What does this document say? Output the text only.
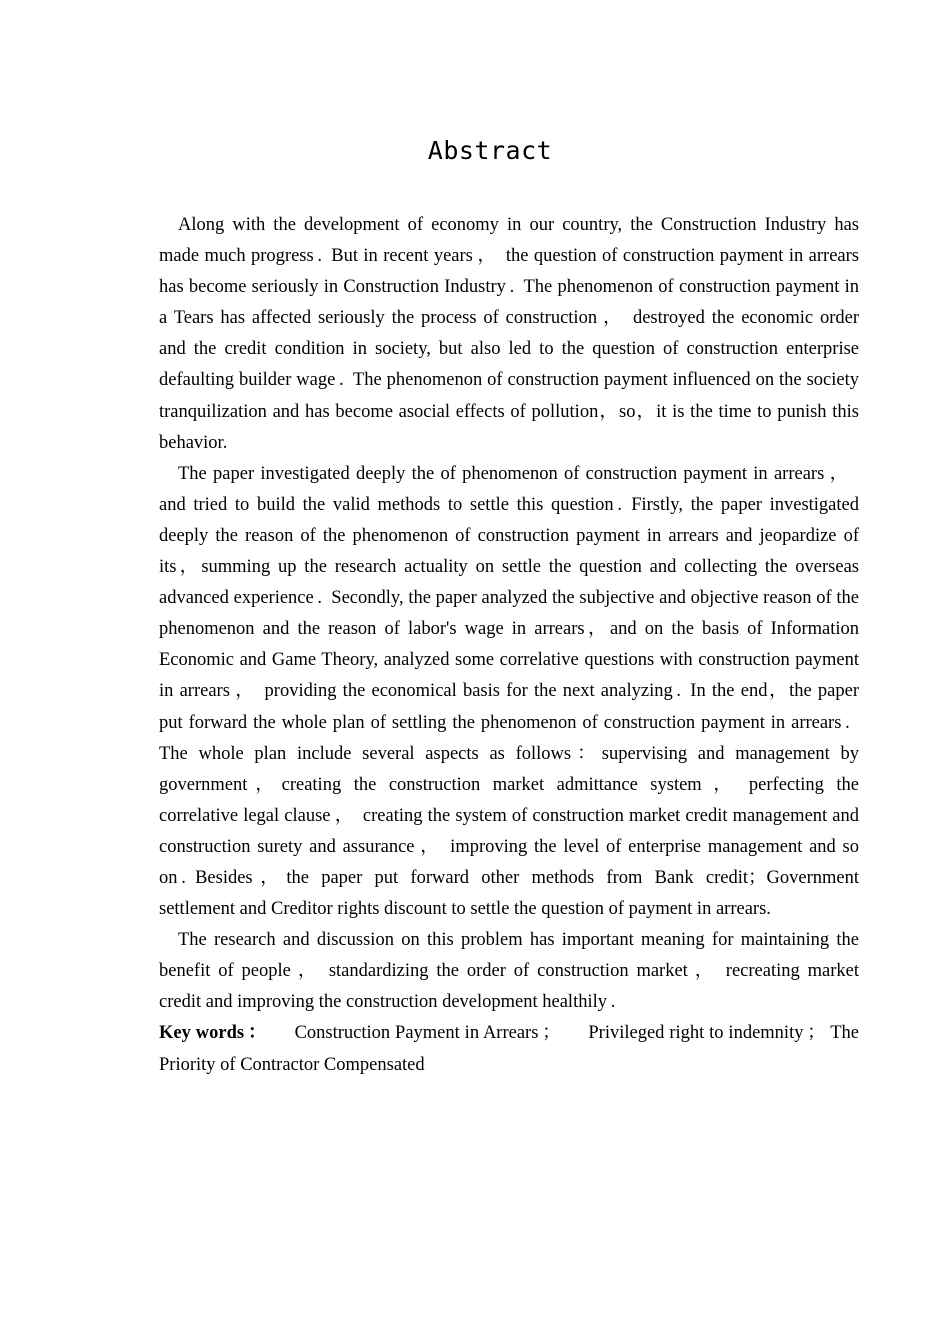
Abstract

Along with the development of economy in our country, the Construction Industry has made much progress . But in recent years ， the question of construction payment in arrears has become seriously in Construction Industry . The phenomenon of construction payment in a Tears has affected seriously the process of construction ， destroyed the economic order and the credit condition in society, but also led to the question of construction enterprise defaulting builder wage . The phenomenon of construction payment influenced on the society tranquilization and has become asocial effects of pollution，so，it is the time to punish this behavior.

The paper investigated deeply the of phenomenon of construction payment in arrears ， and tried to build the valid methods to settle this question . Firstly, the paper investigated deeply the reason of the phenomenon of construction payment in arrears and jeopardize of its，summing up the research actuality on settle the question and collecting the overseas advanced experience . Secondly, the paper analyzed the subjective and objective reason of the phenomenon and the reason of labor's wage in arrears，and on the basis of Information Economic and Game Theory, analyzed some correlative questions with construction payment in arrears ， providing the economical basis for the next analyzing . In the end，the paper put forward the whole plan of settling the phenomenon of construction payment in arrears . The whole plan include several aspects as follows：supervising and management by government，creating the construction market admittance system ， perfecting the correlative legal clause ， creating the system of construction market credit management and construction surety and assurance ， improving the level of enterprise management and so on . Besides，the paper put forward other methods from Bank credit；Government settlement and Creditor rights discount to settle the question of payment in arrears.

The research and discussion on this problem has important meaning for maintaining the benefit of people ， standardizing the order of construction market ， recreating market credit and improving the construction development healthily .

Key words ：   Construction Payment in Arrears ；   Privileged right to indemnity ； The Priority of Contractor Compensated
